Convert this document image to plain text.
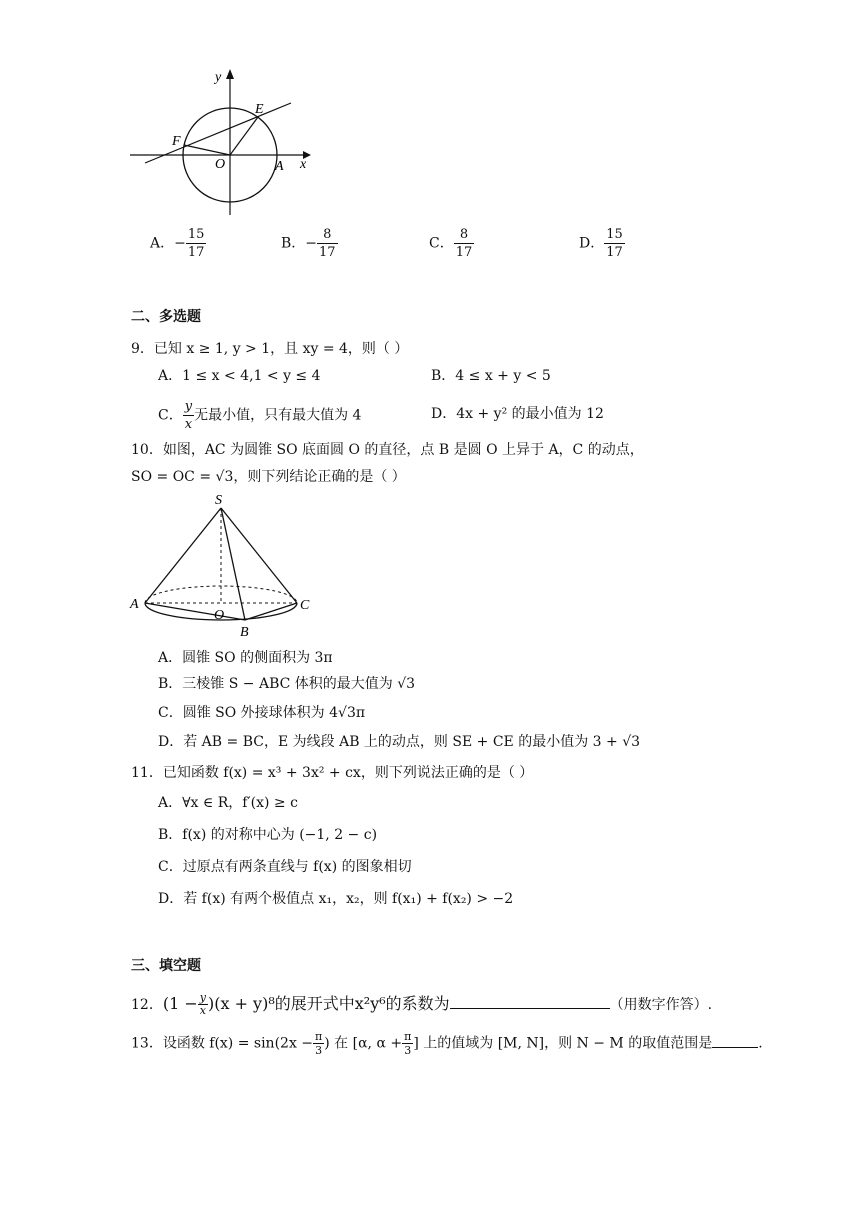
y
x
E
F
O	A
A．− $\frac{15}{17}$	B．− $\frac{8}{17}$	C． $\frac{8}{17}$	D． $\frac{15}{17}$
二、多选题
9．已知 x ≥ 1, y > 1，且 xy = 4，则（ ）
A．1 ≤ x < 4,1 < y ≤ 4	B．4 ≤ x + y < 5
C． $\frac{y}{x}$ 无最小值，只有最大值为 4	D．4x + y² 的最小值为 12
10．如图，AC 为圆锥 SO 底面圆 O 的直径，点 B 是圆 O 上异于 A，C 的动点，
SO = OC = √3，则下列结论正确的是（ ）
S
A
O
C
B
A．圆锥 SO 的侧面积为 3π
B．三棱锥 S − ABC 体积的最大值为 √3
C．圆锥 SO 外接球体积为 4√3π
D．若 AB = BC，E 为线段 AB 上的动点，则 SE + CE 的最小值为 3 + √3
11．已知函数 f(x) = x³ + 3x² + cx，则下列说法正确的是（ ）
A．∀x ∈ R，f′(x) ≥ c
B．f(x) 的对称中心为 (−1, 2 − c)
C．过原点有两条直线与 f(x) 的图象相切
D．若 f(x) 有两个极值点 x₁，x₂，则 f(x₁) + f(x₂) > −2
三、填空题
12．$(1 - \frac{y}{x} )(x + y)^8$的展开式中x²y⁶的系数为	（用数字作答）.
13．设函数 $f(x) = \sin(2x - \frac{\pi}{3}$ ) 在 [α, $\alpha + \frac{\pi}{3}$ ] 上的值域为 [M, N]，则 N − M 的取值范围是	.
